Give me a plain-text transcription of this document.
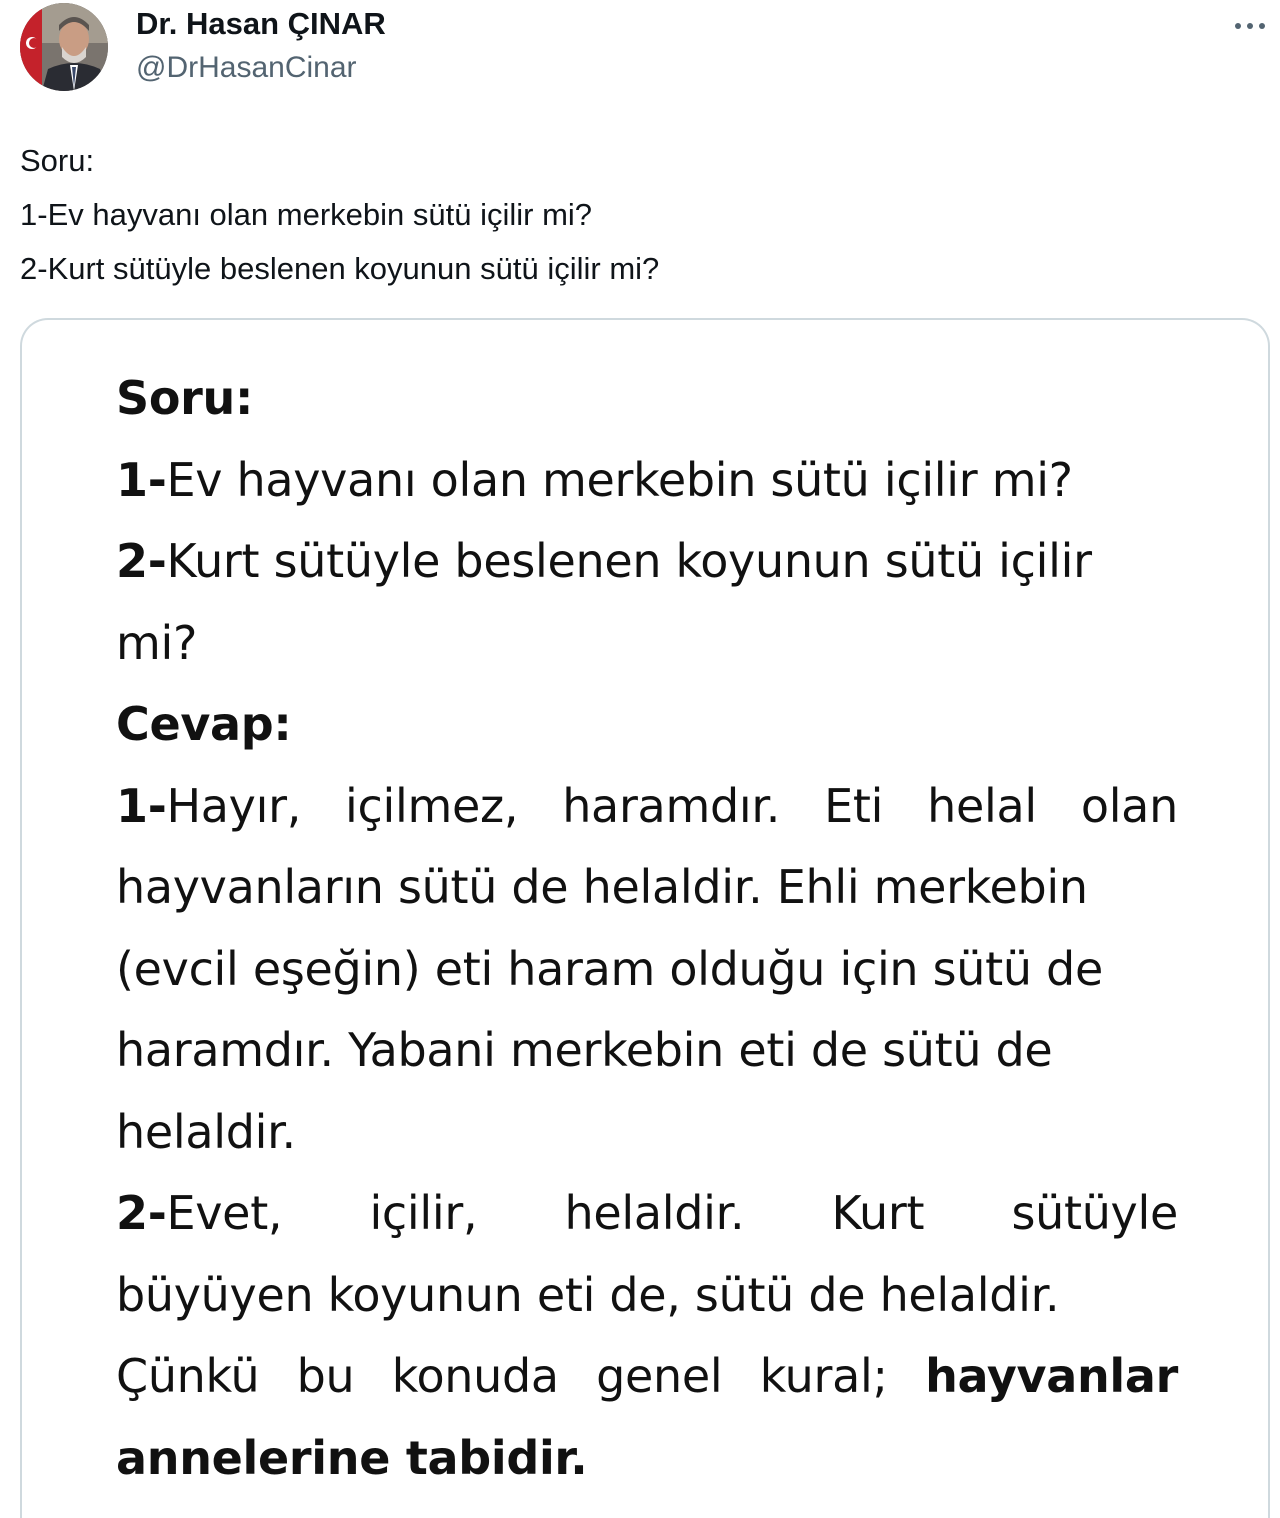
Dr. Hasan ÇINAR
@DrHasanCinar
Soru:
1-Ev hayvanı olan merkebin sütü içilir mi?
2-Kurt sütüyle beslenen koyunun sütü içilir mi?
Soru:
1-Ev hayvanı olan merkebin sütü içilir mi?
2-Kurt sütüyle beslenen koyunun sütü içilir
mi?
Cevap:
1-Hayır, içilmez, haramdır. Eti helal olan
hayvanların sütü de helaldir. Ehli merkebin
(evcil eşeğin) eti haram olduğu için sütü de
haramdır. Yabani merkebin eti de sütü de
helaldir.
2-Evet, içilir, helaldir. Kurt sütüyle
büyüyen koyunun eti de, sütü de helaldir.
Çünkü bu konuda genel kural; hayvanlar
annelerine tabidir.
